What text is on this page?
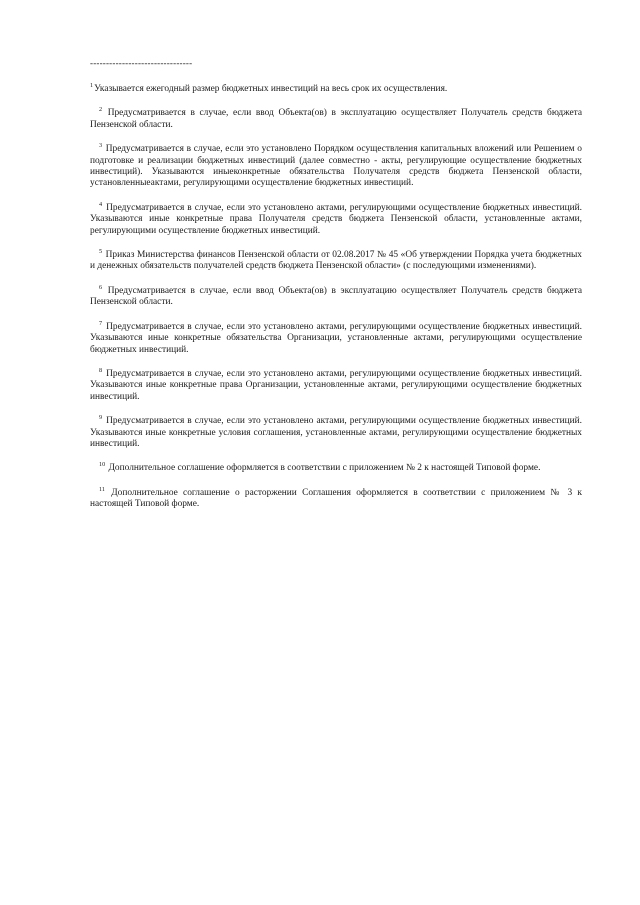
--------------------------------

$^1$Указывается ежегодный размер бюджетных инвестиций на весь срок их осуществления.

$^2$ Предусматривается в случае, если ввод Объекта(ов) в эксплуатацию осуществляет Получатель средств бюджета Пензенской области.

$^3$ Предусматривается в случае, если это установлено Порядком осуществления капитальных вложений или Решением о подготовке и реализации бюджетных инвестиций (далее совместно - акты, регулирующие осуществление бюджетных инвестиций). Указываются иныеконкретные обязательства Получателя средств бюджета Пензенской области, установленныеактами, регулирующими осуществление бюджетных инвестиций.

$^4$ Предусматривается в случае, если это установлено актами, регулирующими осуществление бюджетных инвестиций. Указываются иные конкретные права Получателя средств бюджета Пензенской области, установленные актами, регулирующими осуществление бюджетных инвестиций.

$^5$ Приказ Министерства финансов Пензенской области от 02.08.2017 № 45 «Об утверждении Порядка учета бюджетных и денежных обязательств получателей средств бюджета Пензенской области» (с последующими изменениями).

$^6$ Предусматривается в случае, если ввод Объекта(ов) в эксплуатацию осуществляет Получатель средств бюджета Пензенской области.

$^7$ Предусматривается в случае, если это установлено актами, регулирующими осуществление бюджетных инвестиций. Указываются иные конкретные обязательства Организации, установленные актами, регулирующими осуществление бюджетных инвестиций.

$^8$ Предусматривается в случае, если это установлено актами, регулирующими осуществление бюджетных инвестиций. Указываются иные конкретные права Организации, установленные актами, регулирующими осуществление бюджетных инвестиций.

$^9$ Предусматривается в случае, если это установлено актами, регулирующими осуществление бюджетных инвестиций. Указываются иные конкретные условия соглашения, установленные актами, регулирующими осуществление бюджетных инвестиций.

$^{10}$ Дополнительное соглашение оформляется в соответствии с приложением № 2 к настоящей Типовой форме.

$^{11}$ Дополнительное соглашение о расторжении Соглашения оформляется в соответствии с приложением № 3 к настоящей Типовой форме.
